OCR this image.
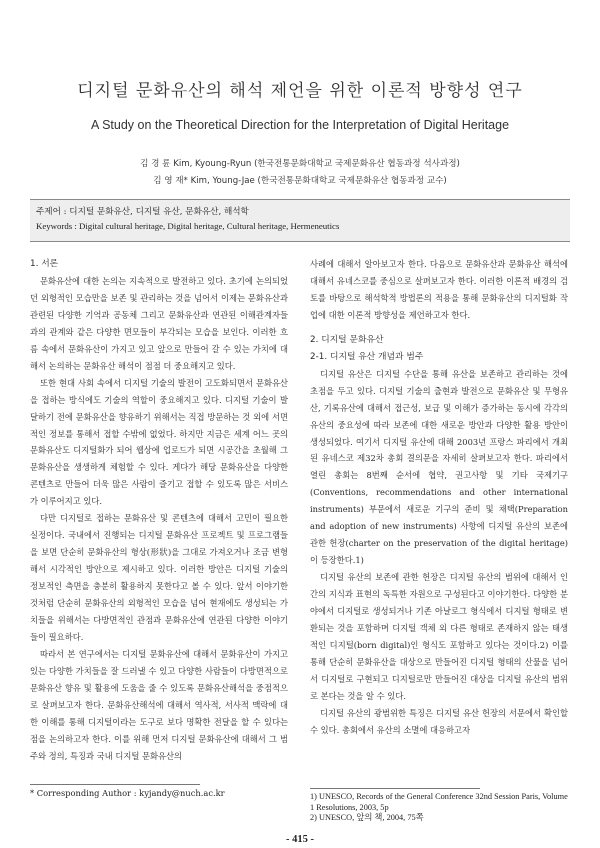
디지털 문화유산의 해석 제언을 위한 이론적 방향성 연구
A Study on the Theoretical Direction for the Interpretation of Digital Heritage
김 경 륜 Kim, Kyoung-Ryun (한국전통문화대학교 국제문화유산 협동과정 석사과정)
김 영 재* Kim, Young-Jae (한국전통문화대학교 국제문화유산 협동과정 교수)
주제어 : 디지털 문화유산, 디지털 유산, 문화유산, 해석학
Keywords : Digital cultural heritage, Digital heritage, Cultural heritage, Hermeneutics
1. 서론

문화유산에 대한 논의는 지속적으로 발전하고 있다. 초기에 논의되었던 외형적인 모습만을 보존 및 관리하는 것을 넘어서 이제는 문화유산과 관련된 다양한 기억과 공동체 그리고 문화유산과 연관된 이해관계자들과의 관계와 같은 다양한 면모들이 부각되는 모습을 보인다. 이러한 흐름 속에서 문화유산이 가지고 있고 앞으로 만들어 갈 수 있는 가치에 대해서 논의하는 문화유산 해석이 점점 더 중요해지고 있다.

또한 현대 사회 속에서 디지털 기술의 발전이 고도화되면서 문화유산을 접하는 방식에도 기술의 역할이 중요해지고 있다. 디지털 기술이 발달하기 전에 문화유산을 향유하기 위해서는 직접 방문하는 것 외에 서면적인 정보를 통해서 접할 수밖에 없었다. 하지만 지금은 세계 어느 곳의 문화유산도 디지털화가 되어 웹상에 업로드가 되면 시공간을 초월해 그 문화유산을 생생하게 체험할 수 있다. 게다가 해당 문화유산을 다양한 콘텐츠로 만들어 더욱 많은 사람이 즐기고 접할 수 있도록 많은 서비스가 이루어지고 있다.

다만 디지털로 접하는 문화유산 및 콘텐츠에 대해서 고민이 필요한 실정이다. 국내에서 진행되는 디지털 문화유산 프로젝트 및 프로그램들을 보면 단순히 문화유산의 형상(形狀)을 그대로 가져오거나 조금 변형해서 시각적인 방안으로 제시하고 있다. 이러한 방안은 디지털 기술의 정보적인 측면을 충분히 활용하지 못한다고 볼 수 있다. 앞서 이야기한 것처럼 단순히 문화유산의 외형적인 모습을 넘어 현재에도 생성되는 가치들을 위해서는 다방면적인 관점과 문화유산에 연관된 다양한 이야기들이 필요하다.

따라서 본 연구에서는 디지털 문화유산에 대해서 문화유산이 가지고 있는 다양한 가치들을 잘 드러낼 수 있고 다양한 사람들이 다방면적으로 문화유산 향유 및 활용에 도움을 줄 수 있도록 문화유산해석을 중점적으로 살펴보고자 한다. 문화유산해석에 대해서 역사적, 서사적 맥락에 대한 이해를 통해 디지털이라는 도구로 보다 명확한 전달을 할 수 있다는 점을 논의하고자 한다. 이를 위해 먼저 디지털 문화유산에 대해서 그 범주와 정의, 특징과 국내 디지털 문화유산의

사례에 대해서 알아보고자 한다. 다음으로 문화유산과 문화유산 해석에 대해서 유네스코를 중심으로 살펴보고자 한다. 이러한 이론적 배경의 검토를 바탕으로 해석학적 방법론의 적용을 통해 문화유산의 디지털화 작업에 대한 이론적 방향성을 제언하고자 한다.

2. 디지털 문화유산
2-1. 디지털 유산 개념과 범주

디지털 유산은 디지털 수단을 통해 유산을 보존하고 관리하는 것에 초점을 두고 있다. 디지털 기술의 출현과 발전으로 문화유산 및 무형유산, 기록유산에 대해서 접근성, 보급 및 이해가 증가하는 동시에 각각의 유산의 중요성에 따라 보존에 대한 새로운 방안과 다양한 활용 방안이 생성되었다. 여기서 디지털 유산에 대해 2003년 프랑스 파리에서 개최된 유네스코 제32차 총회 결의문을 자세히 살펴보고자 한다. 파리에서 열린 총회는 8번째 순서에 협약, 권고사항 및 기타 국제기구(Conventions, recommendations and other international instruments) 부문에서 새로운 기구의 준비 및 채택(Preparation and adoption of new instruments) 사항에 디지털 유산의 보존에 관한 헌장(charter on the preservation of the digital heritage)이 등장한다.1)

디지털 유산의 보존에 관한 헌장은 디지털 유산의 범위에 대해서 인간의 지식과 표현의 독특한 자원으로 구성된다고 이야기한다. 다양한 분야에서 디지털로 생성되거나 기존 아날로그 형식에서 디지털 형태로 변환되는 것을 포함하며 디지털 객체 외 다른 형태로 존재하지 않는 태생적인 디지털(born digital)인 형식도 포함하고 있다는 것이다.2) 이를 통해 단순히 문화유산을 대상으로 만들어진 디지털 형태의 산물을 넘어서 디지털로 구현되고 디지털로만 만들어진 대상을 디지털 유산의 범위로 본다는 것을 알 수 있다.

디지털 유산의 광범위한 특징은 디지털 유산 헌장의 서문에서 확인할 수 있다. 총회에서 유산의 소멸에 대응하고자

* Corresponding Author : kyjandy@nuch.ac.kr
- 415 -
1) UNESCO, Records of the General Conference 32nd Session Paris, Volume 1 Resolutions, 2003, 5p
2) UNESCO, 앞의 책, 2004, 75쪽
